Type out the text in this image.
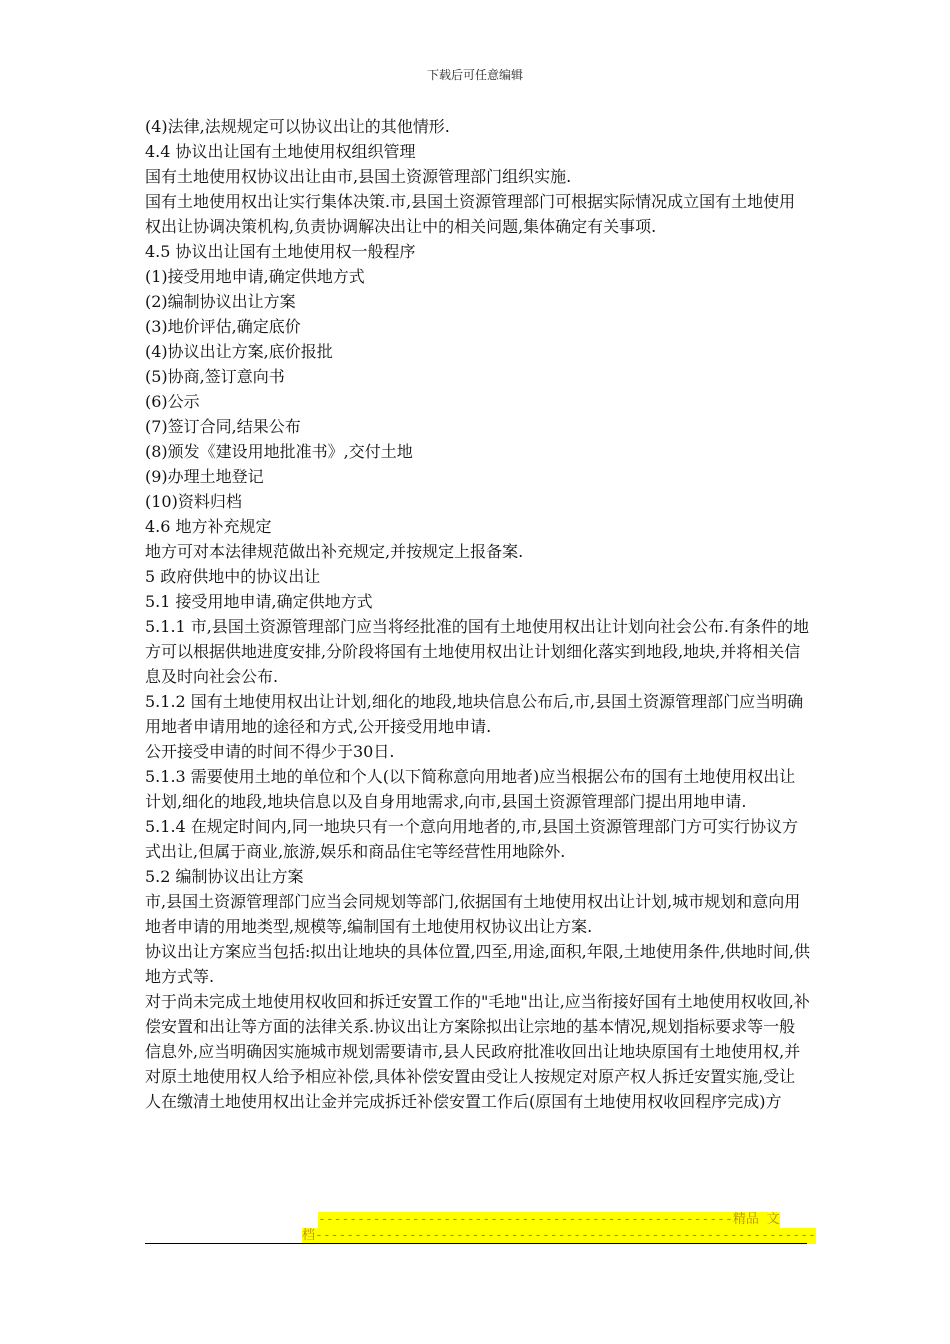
下载后可任意编辑

(4)法律,法规规定可以协议出让的其他情形.

4.4 协议出让国有土地使用权组织管理

国有土地使用权协议出让由市,县国土资源管理部门组织实施.

国有土地使用权出让实行集体决策.市,县国土资源管理部门可根据实际情况成立国有土地使用权出让协调决策机构,负责协调解决出让中的相关问题,集体确定有关事项.

4.5 协议出让国有土地使用权一般程序

(1)接受用地申请,确定供地方式

(2)编制协议出让方案

(3)地价评估,确定底价

(4)协议出让方案,底价报批

(5)协商,签订意向书

(6)公示

(7)签订合同,结果公布

(8)颁发《建设用地批准书》,交付土地

(9)办理土地登记

(10)资料归档

4.6 地方补充规定

地方可对本法律规范做出补充规定,并按规定上报备案.

5 政府供地中的协议出让

5.1 接受用地申请,确定供地方式

5.1.1 市,县国土资源管理部门应当将经批准的国有土地使用权出让计划向社会公布.有条件的地方可以根据供地进度安排,分阶段将国有土地使用权出让计划细化落实到地段,地块,并将相关信息及时向社会公布.

5.1.2 国有土地使用权出让计划,细化的地段,地块信息公布后,市,县国土资源管理部门应当明确用地者申请用地的途径和方式,公开接受用地申请.

公开接受申请的时间不得少于30日.

5.1.3 需要使用土地的单位和个人(以下简称意向用地者)应当根据公布的国有土地使用权出让计划,细化的地段,地块信息以及自身用地需求,向市,县国土资源管理部门提出用地申请.

5.1.4 在规定时间内,同一地块只有一个意向用地者的,市,县国土资源管理部门方可实行协议方式出让,但属于商业,旅游,娱乐和商品住宅等经营性用地除外.

5.2 编制协议出让方案

市,县国土资源管理部门应当会同规划等部门,依据国有土地使用权出让计划,城市规划和意向用地者申请的用地类型,规模等,编制国有土地使用权协议出让方案.

协议出让方案应当包括:拟出让地块的具体位置,四至,用途,面积,年限,土地使用条件,供地时间,供地方式等.

对于尚未完成土地使用权收回和拆迁安置工作的"毛地"出让,应当衔接好国有土地使用权收回,补偿安置和出让等方面的法律关系.协议出让方案除拟出让宗地的基本情况,规划指标要求等一般信息外,应当明确因实施城市规划需要请市,县人民政府批准收回出让地块原国有土地使用权,并对原土地使用权人给予相应补偿,具体补偿安置由受让人按规定对原产权人拆迁安置实施,受让人在缴清土地使用权出让金并完成拆迁补偿安置工作后(原国有土地使用权收回程序完成)方

-----------------------------------------------------精品 文
档----------------------------------------------------------------
